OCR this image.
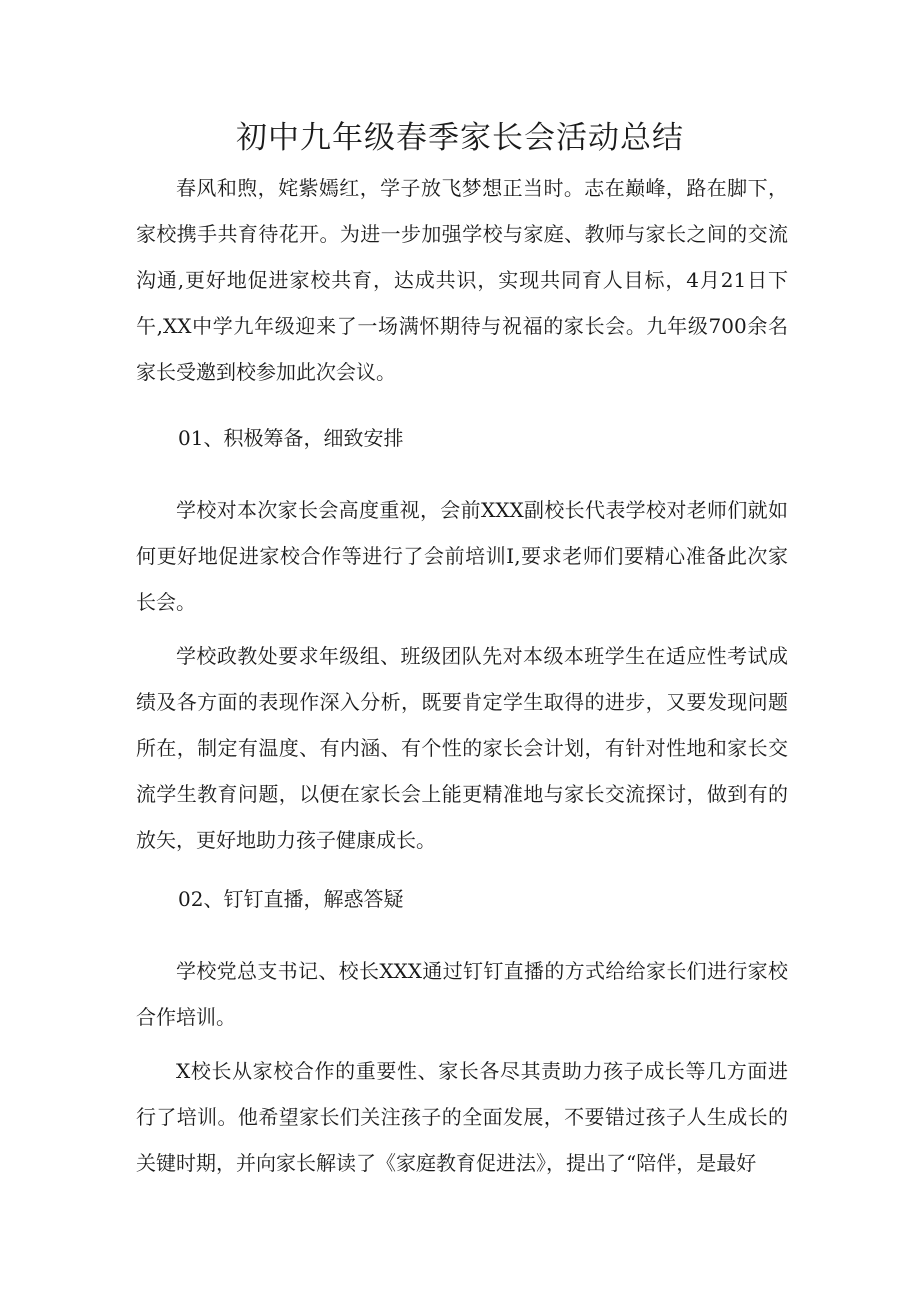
初中九年级春季家长会活动总结

春风和煦，姹紫嫣红，学子放飞梦想正当时。志在巅峰，路在脚下，家校携手共育待花开。为进一步加强学校与家庭、教师与家长之间的交流沟通,更好地促进家校共育，达成共识，实现共同育人目标，4月21日下午,XX中学九年级迎来了一场满怀期待与祝福的家长会。九年级700余名家长受邀到校参加此次会议。

01、积极筹备，细致安排

学校对本次家长会高度重视，会前XXX副校长代表学校对老师们就如何更好地促进家校合作等进行了会前培训I,要求老师们要精心准备此次家长会。

学校政教处要求年级组、班级团队先对本级本班学生在适应性考试成绩及各方面的表现作深入分析，既要肯定学生取得的进步，又要发现问题所在，制定有温度、有内涵、有个性的家长会计划，有针对性地和家长交流学生教育问题，以便在家长会上能更精准地与家长交流探讨，做到有的放矢，更好地助力孩子健康成长。

02、钉钉直播，解惑答疑

学校党总支书记、校长XXX通过钉钉直播的方式给给家长们进行家校合作培训。

X校长从家校合作的重要性、家长各尽其责助力孩子成长等几方面进行了培训。他希望家长们关注孩子的全面发展，不要错过孩子人生成长的关键时期，并向家长解读了《家庭教育促进法》，提出了“陪伴，是最好
